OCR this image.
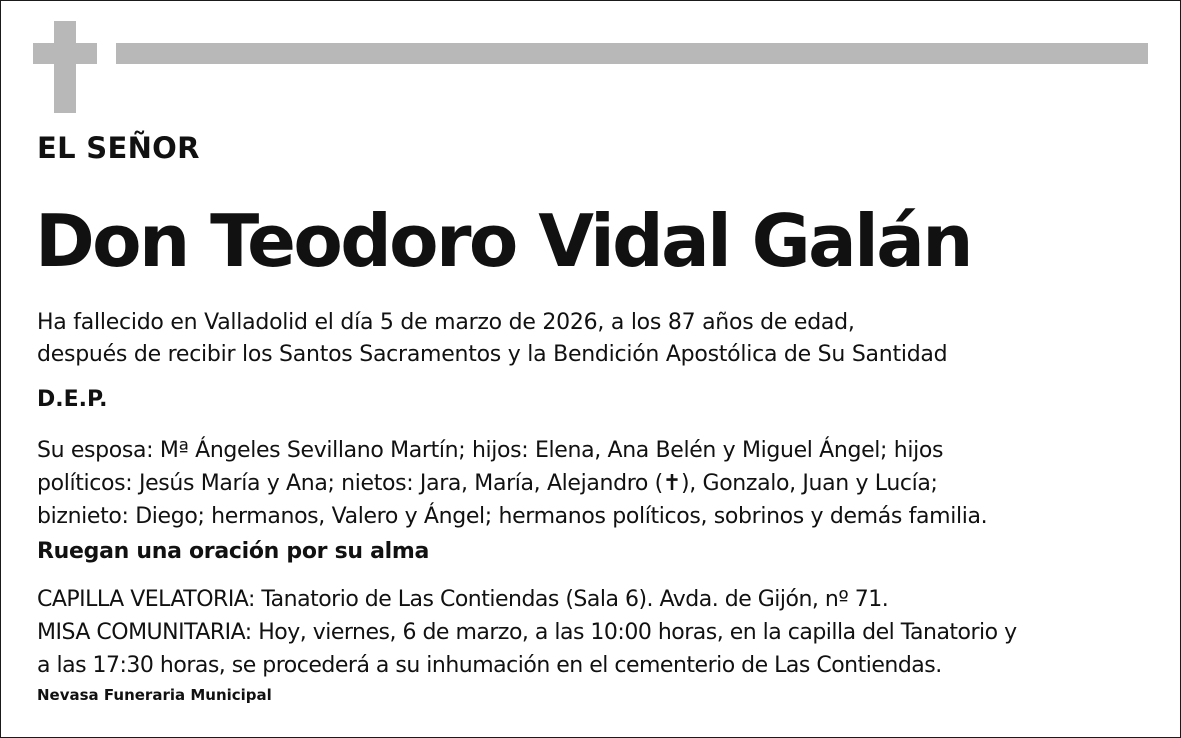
EL SEÑOR
Don Teodoro Vidal Galán
Ha fallecido en Valladolid el día 5 de marzo de 2026, a los 87 años de edad,
después de recibir los Santos Sacramentos y la Bendición Apostólica de Su Santidad
D.E.P.
Su esposa: Mª Ángeles Sevillano Martín; hijos: Elena, Ana Belén y Miguel Ángel; hijos
políticos: Jesús María y Ana; nietos: Jara, María, Alejandro (✝), Gonzalo, Juan y Lucía;
biznieto: Diego; hermanos, Valero y Ángel; hermanos políticos, sobrinos y demás familia.
Ruegan una oración por su alma
CAPILLA VELATORIA: Tanatorio de Las Contiendas (Sala 6). Avda. de Gijón, nº 71.
MISA COMUNITARIA: Hoy, viernes, 6 de marzo, a las 10:00 horas, en la capilla del Tanatorio y
a las 17:30 horas, se procederá a su inhumación en el cementerio de Las Contiendas.
Nevasa Funeraria Municipal
